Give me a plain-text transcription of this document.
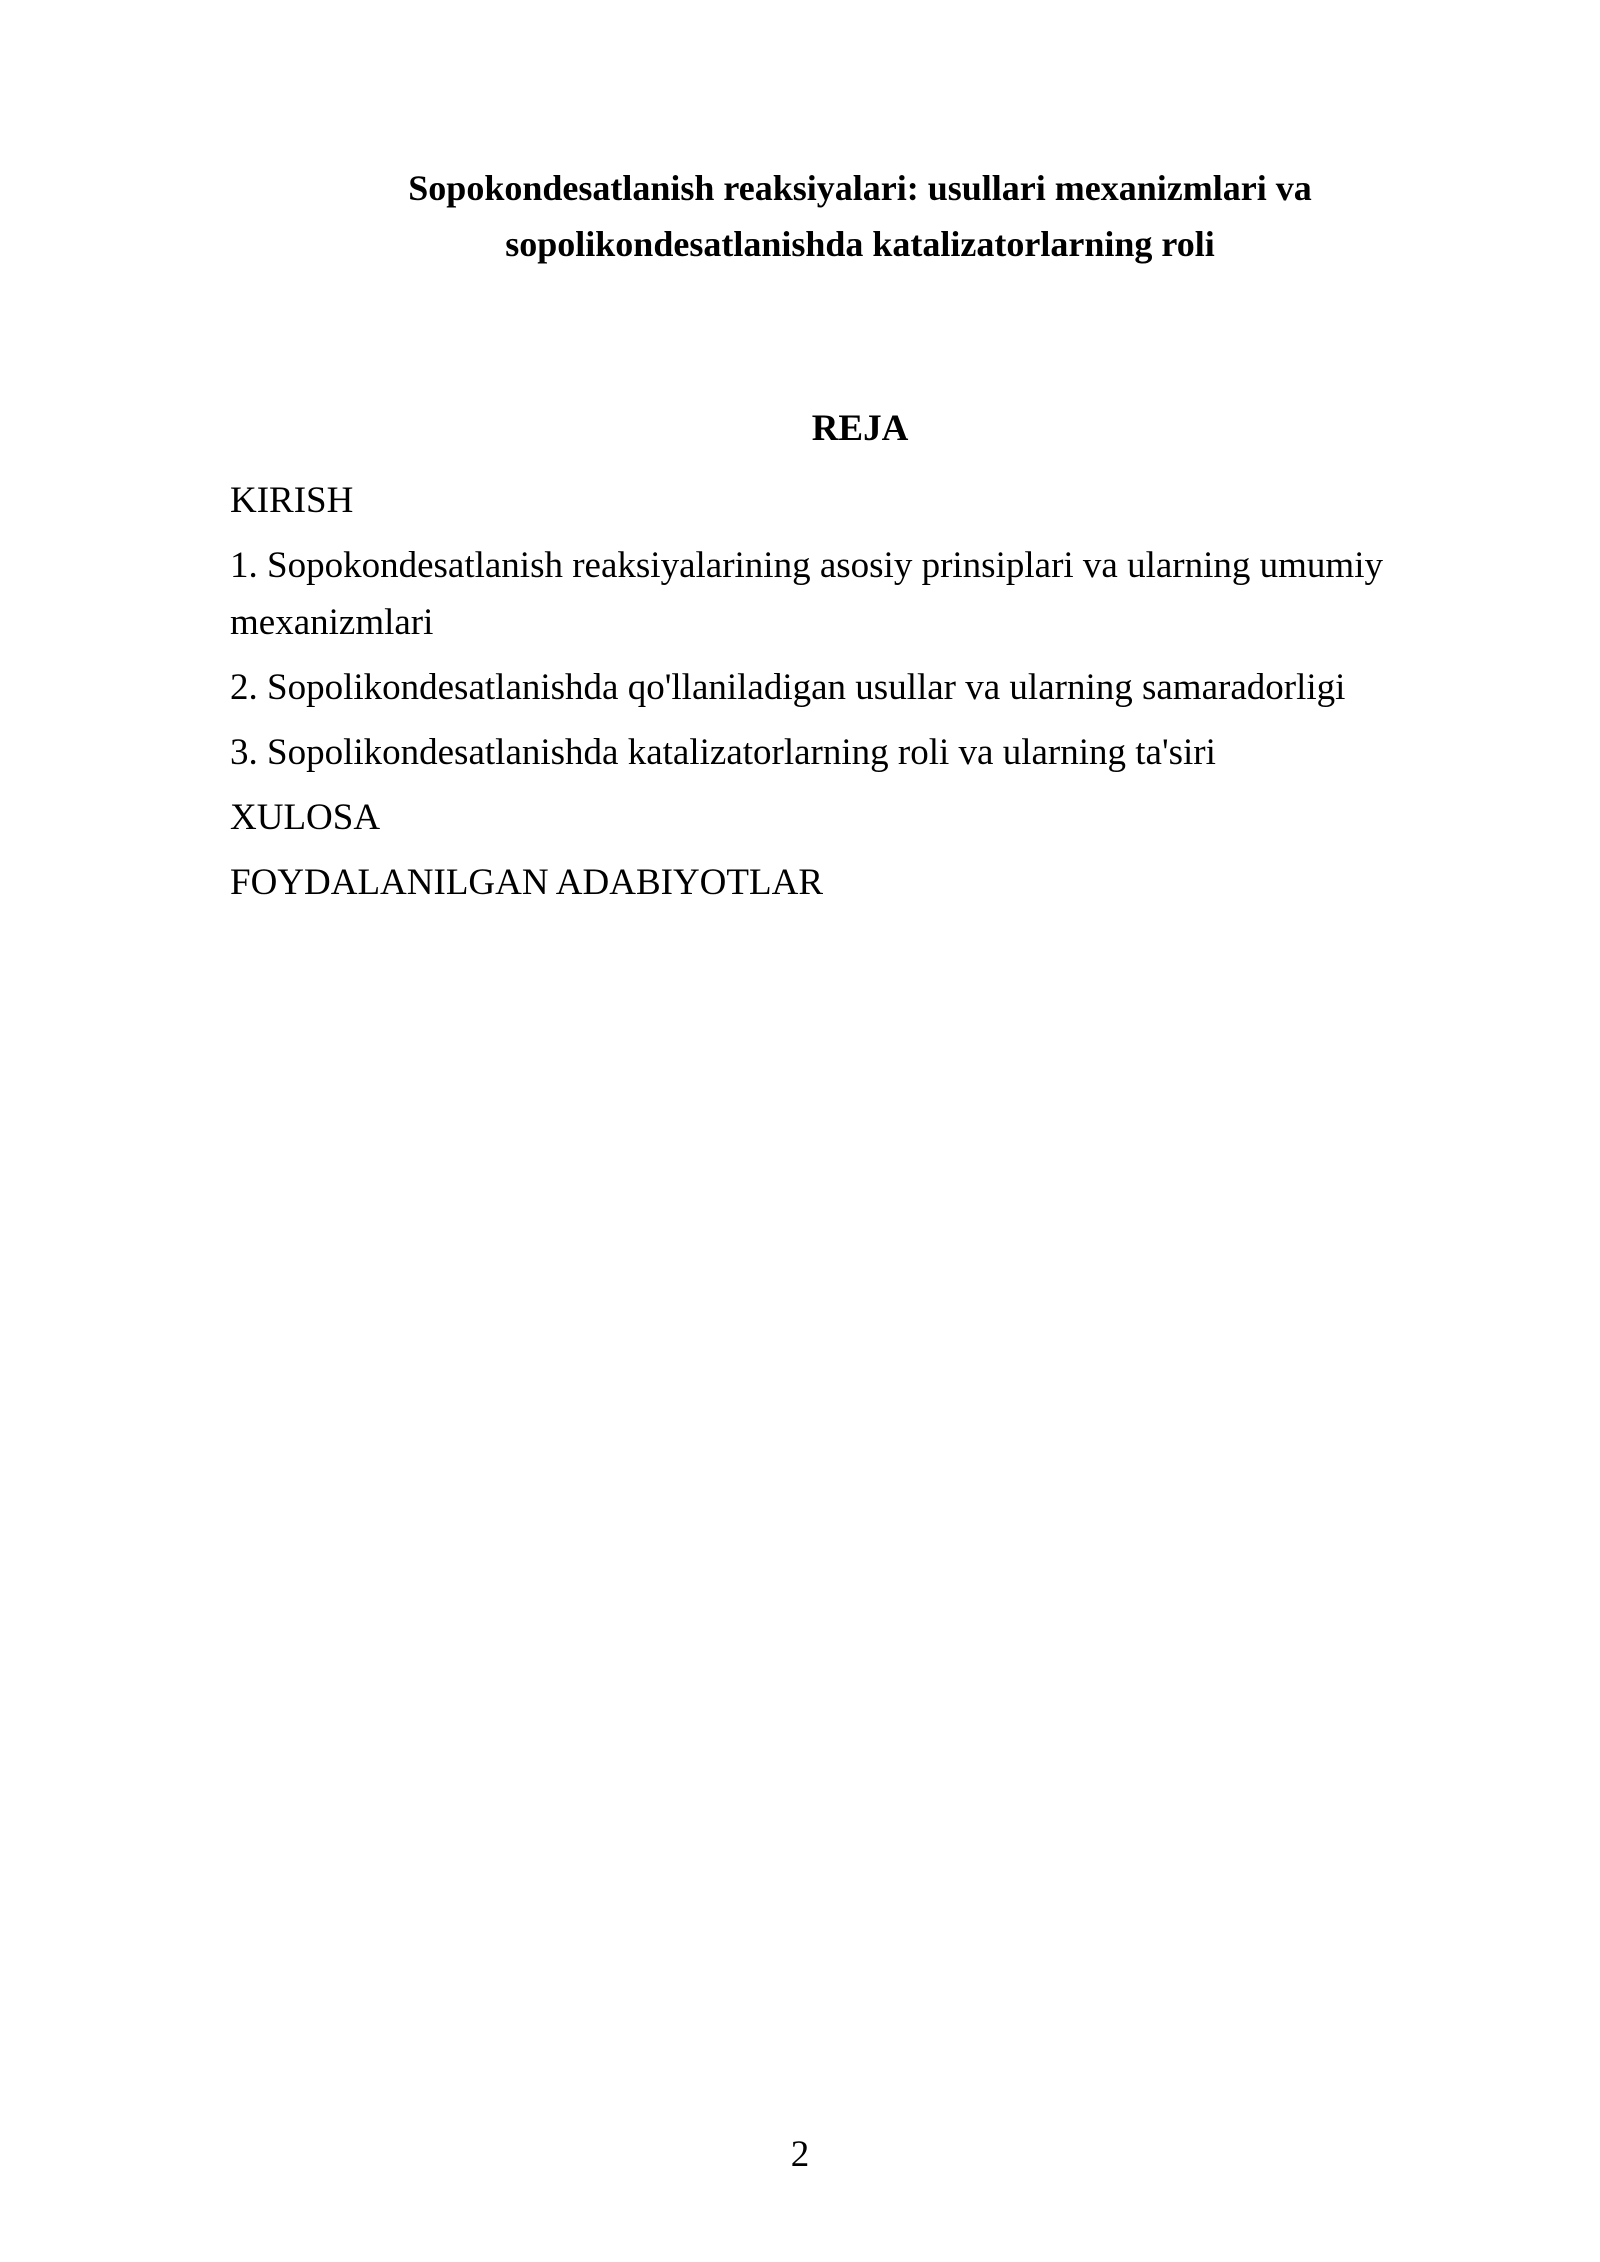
Sopokondesatlanish reaksiyalari: usullari mexanizmlari va
sopolikondesatlanishda katalizatorlarning roli
REJA
KIRISH
1. Sopokondesatlanish reaksiyalarining asosiy prinsiplari va ularning umumiy mexanizmlari
2. Sopolikondesatlanishda qo'llaniladigan usullar va ularning samaradorligi
3. Sopolikondesatlanishda katalizatorlarning roli va ularning ta'siri
XULOSA
FOYDALANILGAN ADABIYOTLAR
2
